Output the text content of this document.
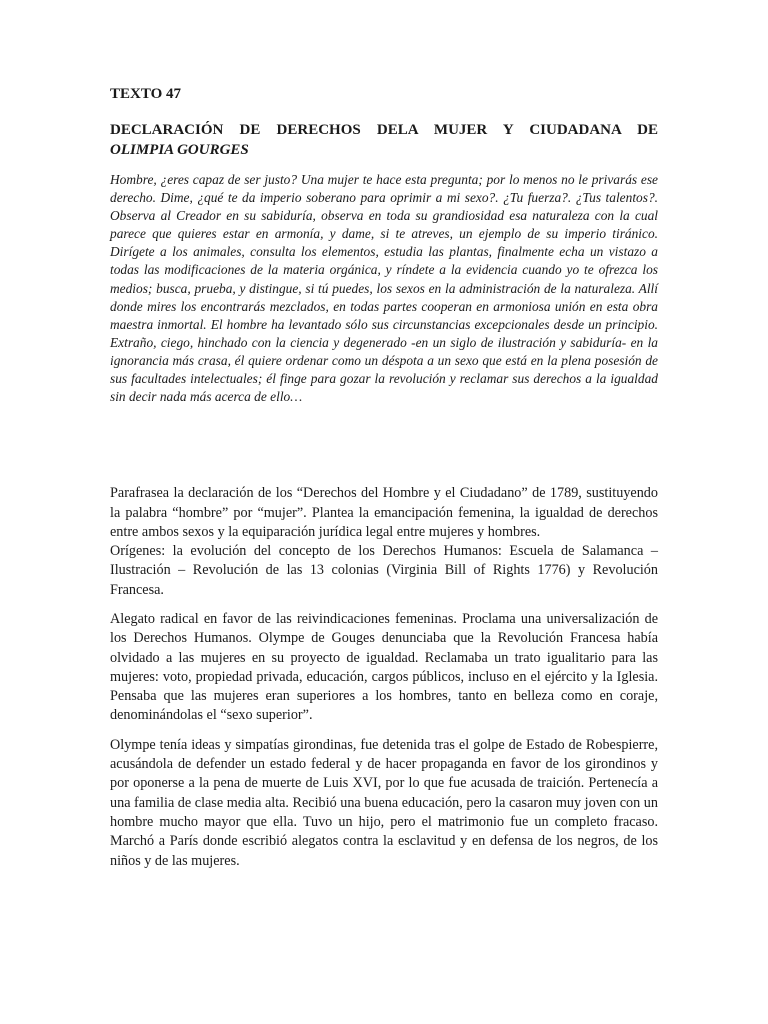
TEXTO 47

DECLARACIÓN DE DERECHOS DELA MUJER Y CIUDADANA DE

OLIMPIA GOURGES

Hombre, ¿eres capaz de ser justo? Una mujer te hace esta pregunta; por lo menos no le privarás ese derecho. Dime, ¿qué te da imperio soberano para oprimir a mi sexo?. ¿Tu fuerza?. ¿Tus talentos?. Observa al Creador en su sabiduría, observa en toda su grandiosidad esa naturaleza con la cual parece que quieres estar en armonía, y dame, si te atreves, un ejemplo de su imperio tiránico. Dirígete a los animales, consulta los elementos, estudia las plantas, finalmente echa un vistazo a todas las modificaciones de la materia orgánica, y ríndete a la evidencia cuando yo te ofrezca los medios; busca, prueba, y distingue, si tú puedes, los sexos en la administración de la naturaleza. Allí donde mires los encontrarás mezclados, en todas partes cooperan en armoniosa unión en esta obra maestra inmortal. El hombre ha levantado sólo sus circunstancias excepcionales desde un principio. Extraño, ciego, hinchado con la ciencia y degenerado -en un siglo de ilustración y sabiduría- en la ignorancia más crasa, él quiere ordenar como un déspota a un sexo que está en la plena posesión de sus facultades intelectuales; él finge para gozar la revolución y reclamar sus derechos a la igualdad sin decir nada más acerca de ello…

Parafrasea la declaración de los “Derechos del Hombre y el Ciudadano” de 1789, sustituyendo la palabra “hombre” por “mujer”. Plantea la emancipación femenina, la igualdad de derechos entre ambos sexos y la equiparación jurídica legal entre mujeres y hombres.

Orígenes: la evolución del concepto de los Derechos Humanos: Escuela de Salamanca – Ilustración – Revolución de las 13 colonias (Virginia Bill of Rights 1776) y Revolución Francesa.

Alegato radical en favor de las reivindicaciones femeninas. Proclama una universalización de los Derechos Humanos. Olympe de Gouges denunciaba que la Revolución Francesa había olvidado a las mujeres en su proyecto de igualdad. Reclamaba un trato igualitario para las mujeres: voto, propiedad privada, educación, cargos públicos, incluso en el ejército y la Iglesia. Pensaba que las mujeres eran superiores a los hombres, tanto en belleza como en coraje, denominándolas el “sexo superior”.

Olympe tenía ideas y simpatías girondinas, fue detenida tras el golpe de Estado de Robespierre, acusándola de defender un estado federal y de hacer propaganda en favor de los girondinos y por oponerse a la pena de muerte de Luis XVI, por lo que fue acusada de traición. Pertenecía a una familia de clase media alta. Recibió una buena educación, pero la casaron muy joven con un hombre mucho mayor que ella. Tuvo un hijo, pero el matrimonio fue un completo fracaso. Marchó a París donde escribió alegatos contra la esclavitud y en defensa de los negros, de los niños y de las mujeres.
